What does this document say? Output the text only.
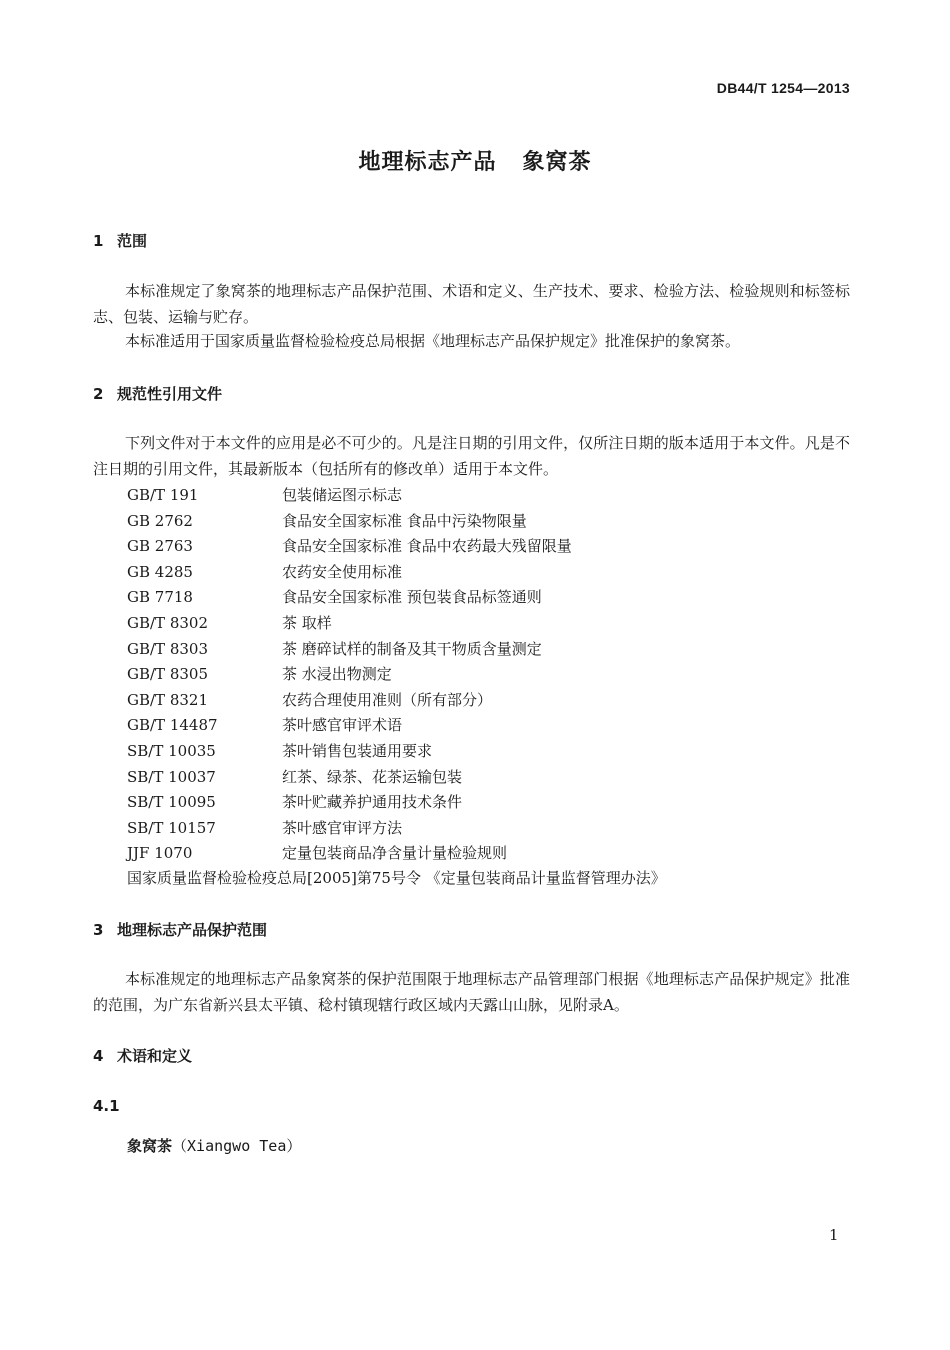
DB44/T 1254—2013
地理标志产品 象窝茶
1 范围
本标准规定了象窝茶的地理标志产品保护范围、术语和定义、生产技术、要求、检验方法、检验规则和标签标志、包装、运输与贮存。
本标准适用于国家质量监督检验检疫总局根据《地理标志产品保护规定》批准保护的象窝茶。
2 规范性引用文件
下列文件对于本文件的应用是必不可少的。凡是注日期的引用文件，仅所注日期的版本适用于本文件。凡是不注日期的引用文件，其最新版本（包括所有的修改单）适用于本文件。
GB/T 191	包装储运图示标志
GB 2762	食品安全国家标准 食品中污染物限量
GB 2763	食品安全国家标准 食品中农药最大残留限量
GB 4285	农药安全使用标准
GB 7718	食品安全国家标准 预包装食品标签通则
GB/T 8302	茶 取样
GB/T 8303	茶 磨碎试样的制备及其干物质含量测定
GB/T 8305	茶 水浸出物测定
GB/T 8321	农药合理使用准则（所有部分）
GB/T 14487	茶叶感官审评术语
SB/T 10035	茶叶销售包装通用要求
SB/T 10037	红茶、绿茶、花茶运输包装
SB/T 10095	茶叶贮藏养护通用技术条件
SB/T 10157	茶叶感官审评方法
JJF 1070	定量包装商品净含量计量检验规则
国家质量监督检验检疫总局[2005]第75号令 《定量包装商品计量监督管理办法》
3 地理标志产品保护范围
本标准规定的地理标志产品象窝茶的保护范围限于地理标志产品管理部门根据《地理标志产品保护规定》批准的范围，为广东省新兴县太平镇、稔村镇现辖行政区域内天露山山脉，见附录A。
4 术语和定义
4.1
象窝茶（Xiangwo Tea）
1
